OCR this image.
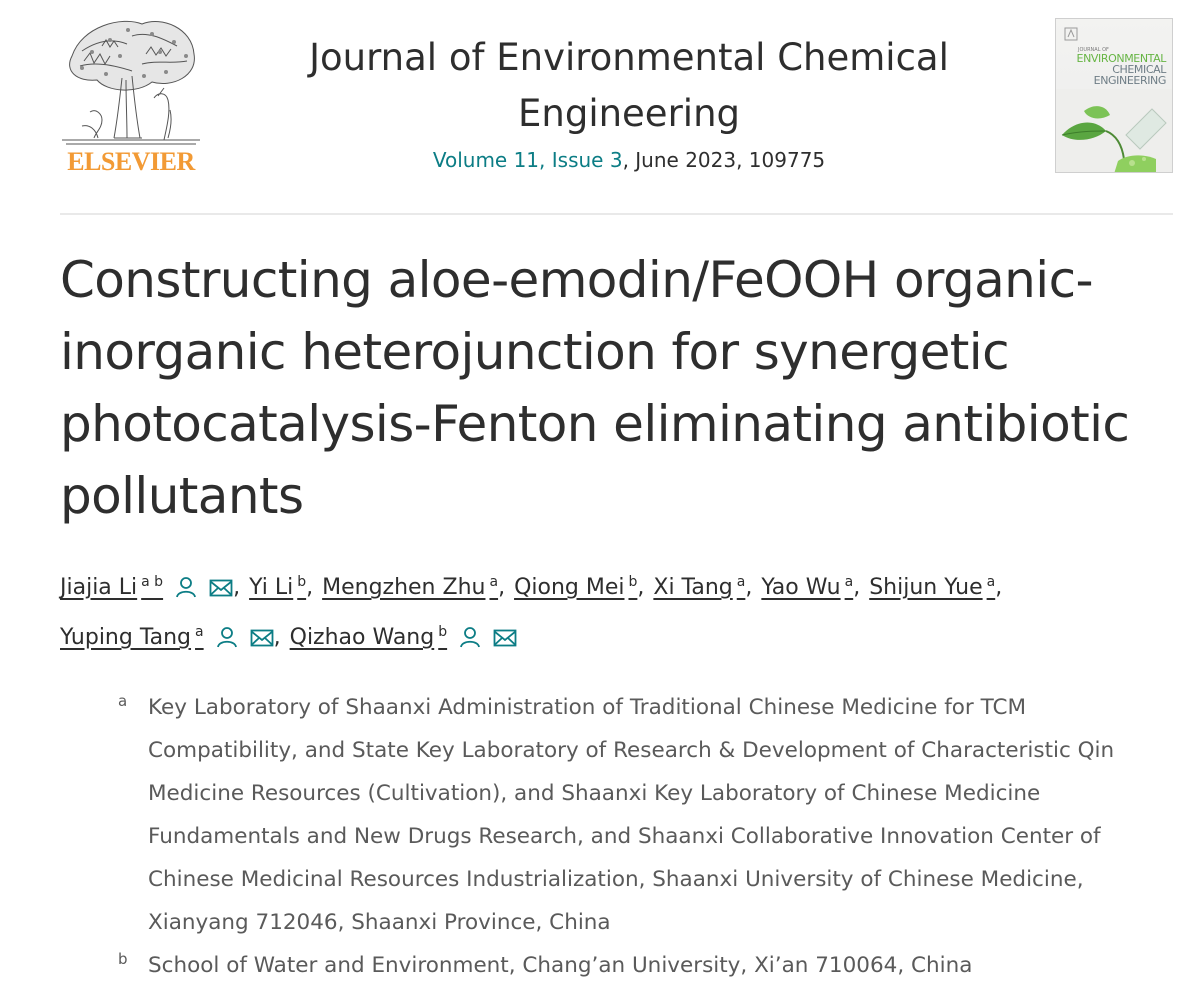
ELSEVIER
Journal of Environmental Chemical
Engineering
Volume 11, Issue 3, June 2023, 109775
JOURNAL OF
ENVIRONMENTAL
CHEMICAL
ENGINEERING
Constructing aloe-emodin/FeOOH organic-inorganic heterojunction for synergetic photocatalysis-Fenton eliminating antibiotic pollutants
Jiajia Li $^{a b}$	, Yi Li $^b$, Mengzhen Zhu $^a$, Qiong Mei $^b$, Xi Tang $^a$, Yao Wu $^a$, Shijun Yue $^a$, Yuping Tang $^a$	, Qizhao Wang $^b$
a Key Laboratory of Shaanxi Administration of Traditional Chinese Medicine for TCM Compatibility, and State Key Laboratory of Research & Development of Characteristic Qin Medicine Resources (Cultivation), and Shaanxi Key Laboratory of Chinese Medicine Fundamentals and New Drugs Research, and Shaanxi Collaborative Innovation Center of Chinese Medicinal Resources Industrialization, Shaanxi University of Chinese Medicine, Xianyang 712046, Shaanxi Province, China
b School of Water and Environment, Chang’an University, Xi’an 710064, China
